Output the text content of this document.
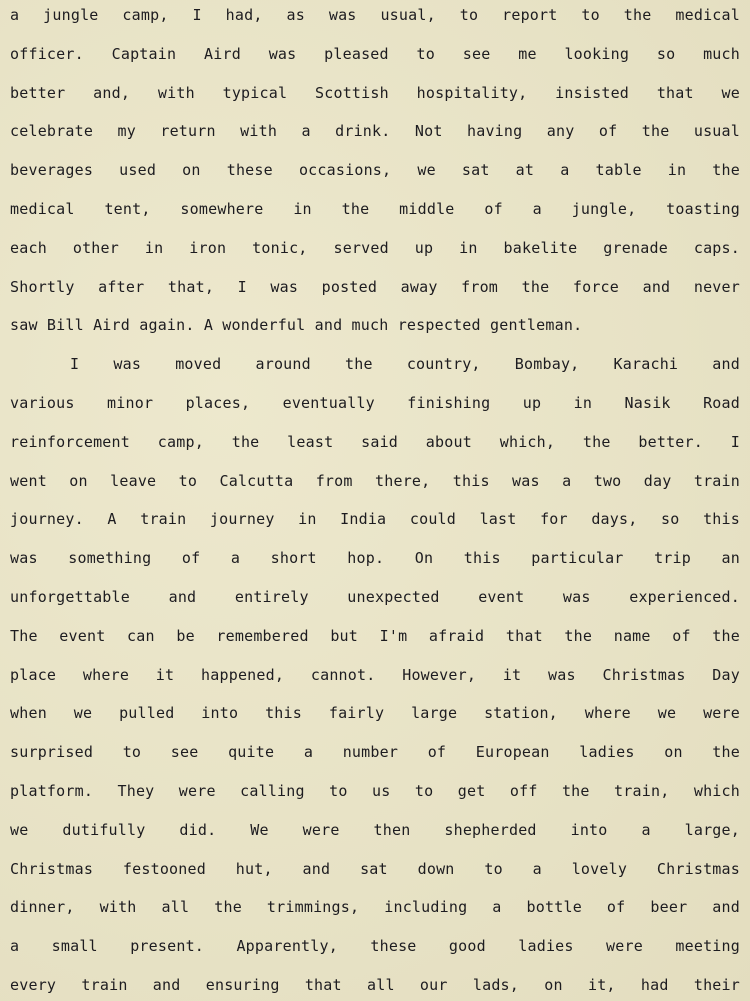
a jungle camp, I had, as was usual, to report to the medical
officer. Captain Aird was pleased to see me looking so much
better and, with typical Scottish hospitality, insisted that we
celebrate my return with a drink. Not having any of the usual
beverages used on these occasions, we sat at a table in the
medical tent, somewhere in the middle of a jungle, toasting
each other in iron tonic, served up in bakelite grenade caps.
Shortly after that, I was posted away from the force and never
saw Bill Aird again. A wonderful and much respected gentleman.
I was moved around the country, Bombay, Karachi and
various minor places, eventually finishing up in Nasik Road
reinforcement camp, the least said about which, the better. I
went on leave to Calcutta from there, this was a two day train
journey. A train journey in India could last for days, so this
was something of a short hop. On this particular trip an
unforgettable and entirely unexpected event was experienced.
The event can be remembered but I'm afraid that the name of the
place where it happened, cannot. However, it was Christmas Day
when we pulled into this fairly large station, where we were
surprised to see quite a number of European ladies on the
platform. They were calling to us to get off the train, which
we dutifully did. We were then shepherded into a large,
Christmas festooned hut, and sat down to a lovely Christmas
dinner, with all the trimmings, including a bottle of beer and
a small present. Apparently, these good ladies were meeting
every train and ensuring that all our lads, on it, had their
